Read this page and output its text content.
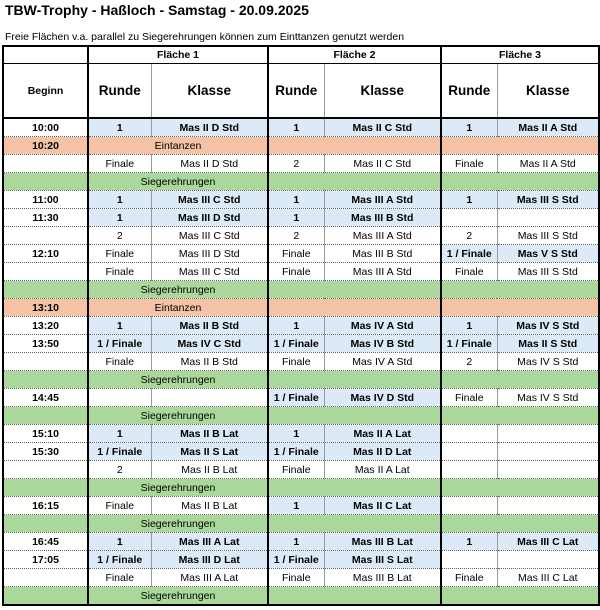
TBW-Trophy - Haßloch - Samstag - 20.09.2025
Freie Flächen v.a. parallel zu Siegerehrungen können zum Einttanzen genutzt werden
	Fläche 1		Fläche 2		Fläche 3	
Beginn	Runde	Klasse	Runde	Klasse	Runde	Klasse
10:00	1	Mas II D Std	1	Mas II C Std	1	Mas II A Std
10:20	Eintanzen					
	Finale	Mas II D Std	2	Mas II C Std	Finale	Mas II A Std
	Siegerehrungen					
11:00	1	Mas III C Std	1	Mas III A Std	1	Mas III S Std
11:30	1	Mas III D Std	1	Mas III B Std		
	2	Mas III C Std	2	Mas III A Std	2	Mas III S Std
12:10	Finale	Mas III D Std	Finale	Mas III B Std	1 / Finale	Mas V S Std
	Finale	Mas III C Std	Finale	Mas III A Std	Finale	Mas III S Std
	Siegerehrungen					
13:10	Eintanzen					
13:20	1	Mas II B Std	1	Mas IV A Std	1	Mas IV S Std
13:50	1 / Finale	Mas IV C Std	1 / Finale	Mas IV B Std	1 / Finale	Mas II S Std
	Finale	Mas II B Std	Finale	Mas IV A Std	2	Mas IV S Std
	Siegerehrungen					
14:45			1 / Finale	Mas IV D Std	Finale	Mas IV S Std
	Siegerehrungen					
15:10	1	Mas II B Lat	1	Mas II A Lat		
15:30	1 / Finale	Mas II S Lat	1 / Finale	Mas II D Lat		
	2	Mas II B Lat	Finale	Mas II A Lat		
	Siegerehrungen					
16:15	Finale	Mas II B Lat	1	Mas II C Lat		
	Siegerehrungen					
16:45	1	Mas III A Lat	1	Mas III B Lat	1	Mas III C Lat
17:05	1 / Finale	Mas III D Lat	1 / Finale	Mas III S Lat		
	Finale	Mas III A Lat	Finale	Mas III B Lat	Finale	Mas III C Lat
	Siegerehrungen					
